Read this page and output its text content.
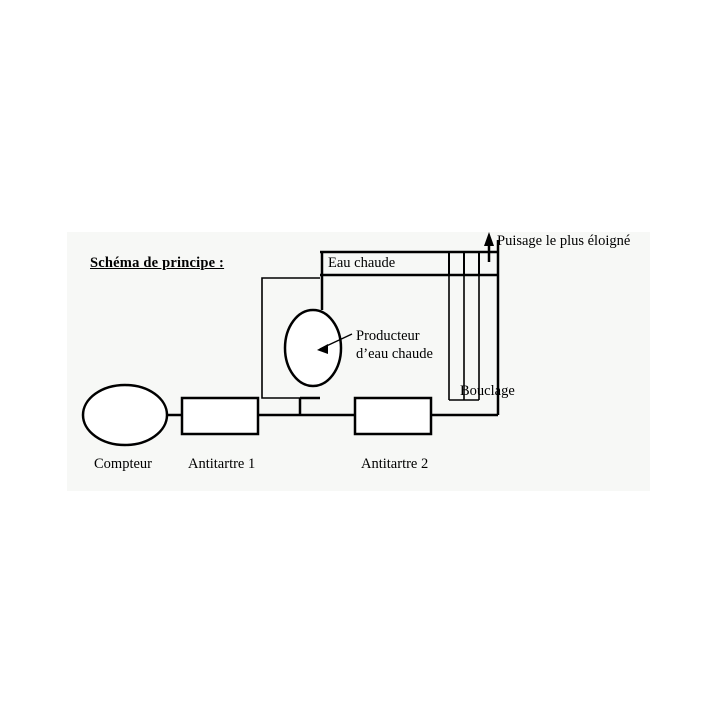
Schéma de principe :	Eau chaude
Puisage le plus éloigné
Producteur
d’eau chaude
Bouclage
Compteur Antitartre 1	Antitartre 2
